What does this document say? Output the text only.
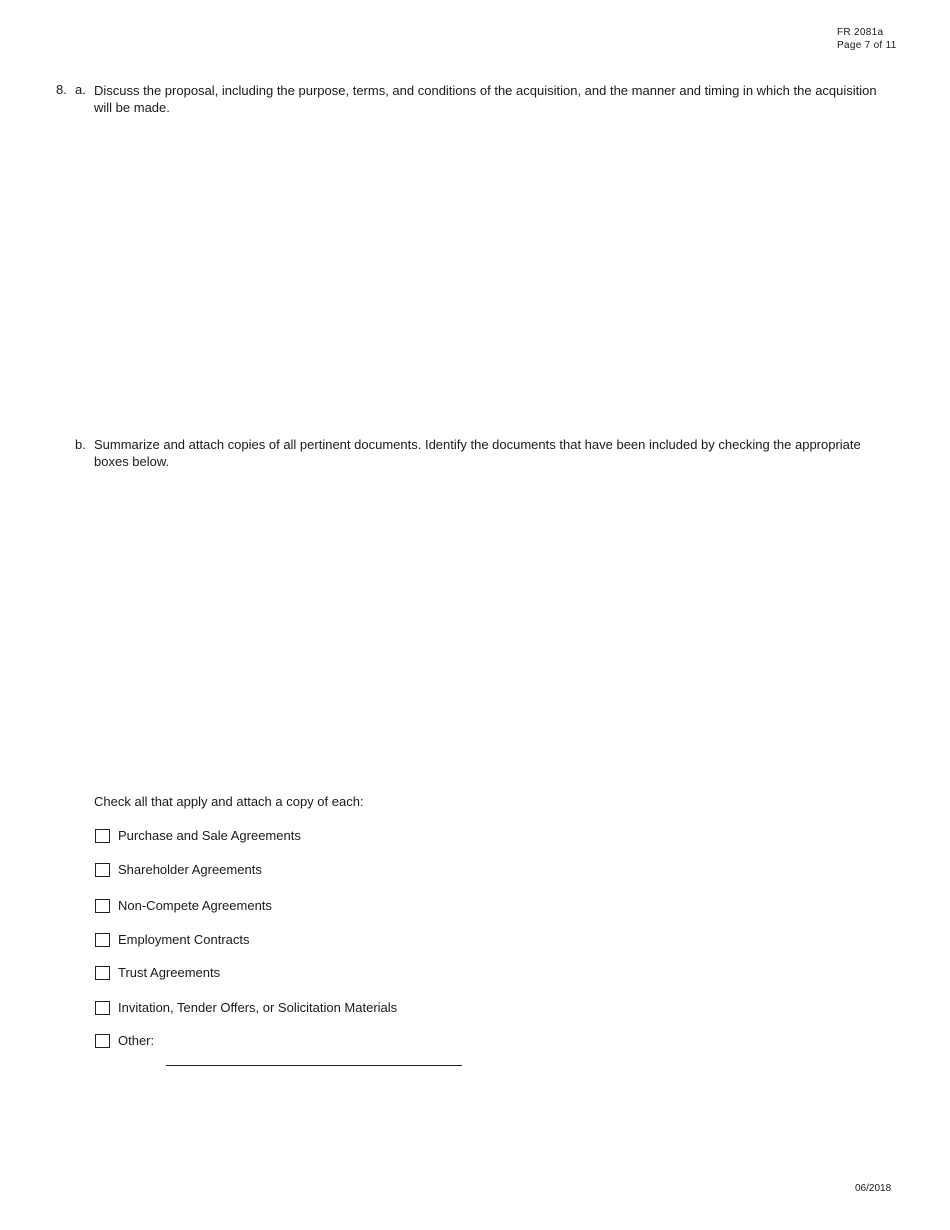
FR 2081a
Page 7 of 11
8. a. Discuss the proposal, including the purpose, terms, and conditions of the acquisition, and the manner and timing in which the acquisition will be made.
b. Summarize and attach copies of all pertinent documents. Identify the documents that have been included by checking the appropriate boxes below.
Check all that apply and attach a copy of each:
Purchase and Sale Agreements
Shareholder Agreements
Non-Compete Agreements
Employment Contracts
Trust Agreements
Invitation, Tender Offers, or Solicitation Materials
Other:
06/2018
